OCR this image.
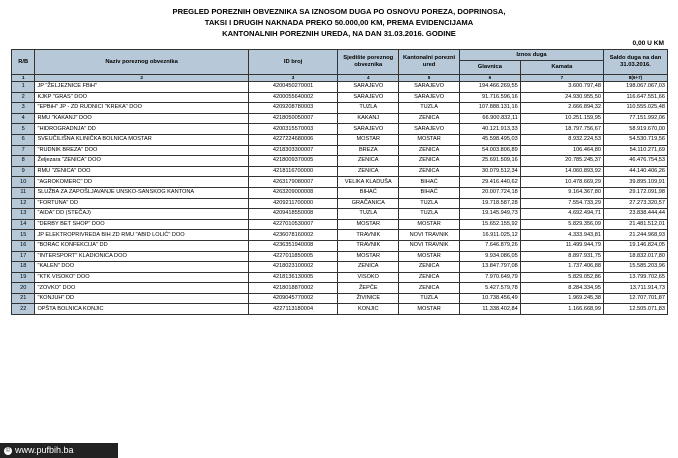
PREGLED POREZNIH OBVEZNIKA SA IZNOSOM DUGA PO OSNOVU POREZA, DOPRINOSA,
TAKSI I DRUGIH NAKNADA PREKO 50.000,00 KM, PREMA EVIDENCIJAMA
KANTONALNIH POREZNIH UREDA, NA DAN 31.03.2016. GODINE
0,00 U KM
R/B	Naziv poreznog obveznika	ID broj	Sjedište poreznog obveznika	Kantonalni porezni ured	Iznos duga		Saldo duga na dan 31.03.2016.
					Glavnica	Kamata	
1	2	3	4	5	6	7	8(6+7)
1	JP "ŽELJEZNICE FBiH"	4200450270001	SARAJEVO	SARAJEVO	194.466.269,55	3.600.797,48	198.067.067,03
2	KJKP "GRAS" DOO	4200055640002	SARAJEVO	SARAJEVO	91.716.596,16	24.930.955,50	116.647.551,66
3	"EPBiH" JP - ZD RUDNICI "KREKA" DOO	4209208780003	TUZLA	TUZLA	107.888.131,16	2.666.894,32	110.555.025,48
4	RMU "KAKANJ" DOO	4218050050007	KAKANJ	ZENICA	66.900.832,11	10.251.159,95	77.151.992,06
5	"HIDROGRADNJA" DD	4200315570003	SARAJEVO	SARAJEVO	40.121.913,33	18.797.756,67	58.919.670,00
6	SVEUČILIŠNA KLINIČKA BOLNICA MOSTAR	4227224680006	MOSTAR	MOSTAR	45.598.495,03	8.932.224,53	54.530.719,56
7	"RUDNIK BREZA" DOO	4218303300007	BREZA	ZENICA	54.003.806,89	106.464,80	54.110.271,69
8	Željezara "ZENICA" DOO	4218009370005	ZENICA	ZENICA	25.691.509,16	20.785.245,37	46.476.754,53
9	RMU "ZENICA" DOO	4218116700000	ZENICA	ZENICA	30.079.512,34	14.060.893,92	44.140.406,26
10	"AGROKOMERC" DD	4263179080007	VELIKA KLADUŠA	BIHAĆ	29.416.440,62	10.478.669,29	39.895.109,91
11	SLUŽBA ZA ZAPOŠLJAVANJE UNSKO-SANSKOG KANTONA	4263209000008	BIHAĆ	BIHAĆ	20.007.724,18	9.164.367,80	29.172.091,98
12	"FORTUNA" DD	4209211700000	GRAČANICA	TUZLA	19.718.587,28	7.554.733,29	27.273.320,57
13	"AIDA" DD (STEČAJ)	4209418550008	TUZLA	TUZLA	19.145.949,73	4.692.494,71	23.838.444,44
14	"DERBY BET SHOP" DOO	4227010530007	MOSTAR	MOSTAR	15.652.155,92	5.829.356,09	21.481.512,01
15	JP ELEKTROPRIVREDA BIH ZD RMU "ABID LOLIĆ" DOO	4236078160002	TRAVNIK	NOVI TRAVNIK	16.911.025,12	4.333.943,81	21.244.968,93
16	"BORAC KONFEKCIJA" DD	4236351940008	TRAVNIK	NOVI TRAVNIK	7.646.879,26	11.499.944,79	19.146.824,05
17	"INTERSPORT" KLADIONICA DOO	4227011850005	MOSTAR	MOSTAR	9.934.086,05	8.897.931,75	18.832.017,80
18	"KALEN" DOO	4218023100002	ZENICA	ZENICA	13.847.797,08	1.737.406,88	15.585.203,96
19	"KTK VISOKO" DOO	4218136130005	VISOKO	ZENICA	7.970.649,79	5.829.052,86	13.799.702,65
20	"ZOVKO" DOO	4218018870002	ŽEPČE	ZENICA	5.427.579,78	8.284.334,95	13.711.914,73
21	"KONJUH" DD	4209045770002	ŽIVINICE	TUZLA	10.738.456,49	1.969.245,38	12.707.701,87
22	OPŠTA BOLNICA KONJIC	4227113180004	KONJIC	MOSTAR	11.338.402,84	1.166.668,99	12.505.071,83
© www.pufbih.ba
